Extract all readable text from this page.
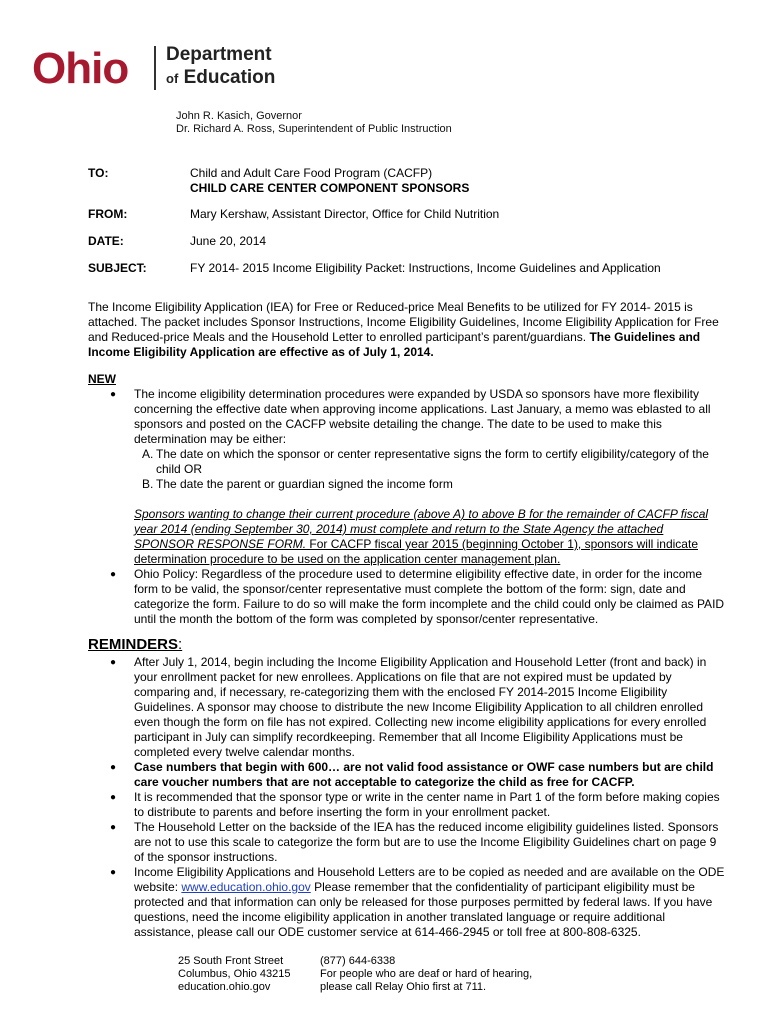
Ohio Department
of Education
John R. Kasich, Governor
Dr. Richard A. Ross, Superintendent of Public Instruction
TO:	Child and Adult Care Food Program (CACFP)
CHILD CARE CENTER COMPONENT SPONSORS
FROM:	Mary Kershaw, Assistant Director, Office for Child Nutrition
DATE:	June 20, 2014
SUBJECT:	FY 2014- 2015 Income Eligibility Packet: Instructions, Income Guidelines and Application
The Income Eligibility Application (IEA) for Free or Reduced-price Meal Benefits to be utilized for FY 2014- 2015 is attached. The packet includes Sponsor Instructions, Income Eligibility Guidelines, Income Eligibility Application for Free and Reduced-price Meals and the Household Letter to enrolled participant’s parent/guardians. The Guidelines and Income Eligibility Application are effective as of July 1, 2014.
NEW
● The income eligibility determination procedures were expanded by USDA so sponsors have more flexibility concerning the effective date when approving income applications. Last January, a memo was eblasted to all sponsors and posted on the CACFP website detailing the change. The date to be used to make this determination may be either:
A. The date on which the sponsor or center representative signs the form to certify eligibility/category of the child OR
B. The date the parent or guardian signed the income form
Sponsors wanting to change their current procedure (above A) to above B for the remainder of CACFP fiscal year 2014 (ending September 30, 2014) must complete and return to the State Agency the attached SPONSOR RESPONSE FORM. For CACFP fiscal year 2015 (beginning October 1), sponsors will indicate determination procedure to be used on the application center management plan.
● Ohio Policy: Regardless of the procedure used to determine eligibility effective date, in order for the income form to be valid, the sponsor/center representative must complete the bottom of the form: sign, date and categorize the form. Failure to do so will make the form incomplete and the child could only be claimed as PAID until the month the bottom of the form was completed by sponsor/center representative.
REMINDERS:
● After July 1, 2014, begin including the Income Eligibility Application and Household Letter (front and back) in your enrollment packet for new enrollees. Applications on file that are not expired must be updated by comparing and, if necessary, re-categorizing them with the enclosed FY 2014-2015 Income Eligibility Guidelines. A sponsor may choose to distribute the new Income Eligibility Application to all children enrolled even though the form on file has not expired. Collecting new income eligibility applications for every enrolled participant in July can simplify recordkeeping. Remember that all Income Eligibility Applications must be completed every twelve calendar months.
● Case numbers that begin with 600… are not valid food assistance or OWF case numbers but are child care voucher numbers that are not acceptable to categorize the child as free for CACFP.
● It is recommended that the sponsor type or write in the center name in Part 1 of the form before making copies to distribute to parents and before inserting the form in your enrollment packet.
● The Household Letter on the backside of the IEA has the reduced income eligibility guidelines listed. Sponsors are not to use this scale to categorize the form but are to use the Income Eligibility Guidelines chart on page 9 of the sponsor instructions.
● Income Eligibility Applications and Household Letters are to be copied as needed and are available on the ODE website: www.education.ohio.gov Please remember that the confidentiality of participant eligibility must be protected and that information can only be released for those purposes permitted by federal laws. If you have questions, need the income eligibility application in another translated language or require additional assistance, please call our ODE customer service at 614-466-2945 or toll free at 800-808-6325.
25 South Front Street
Columbus, Ohio 43215
education.ohio.gov
(877) 644-6338
For people who are deaf or hard of hearing,
please call Relay Ohio first at 711.
